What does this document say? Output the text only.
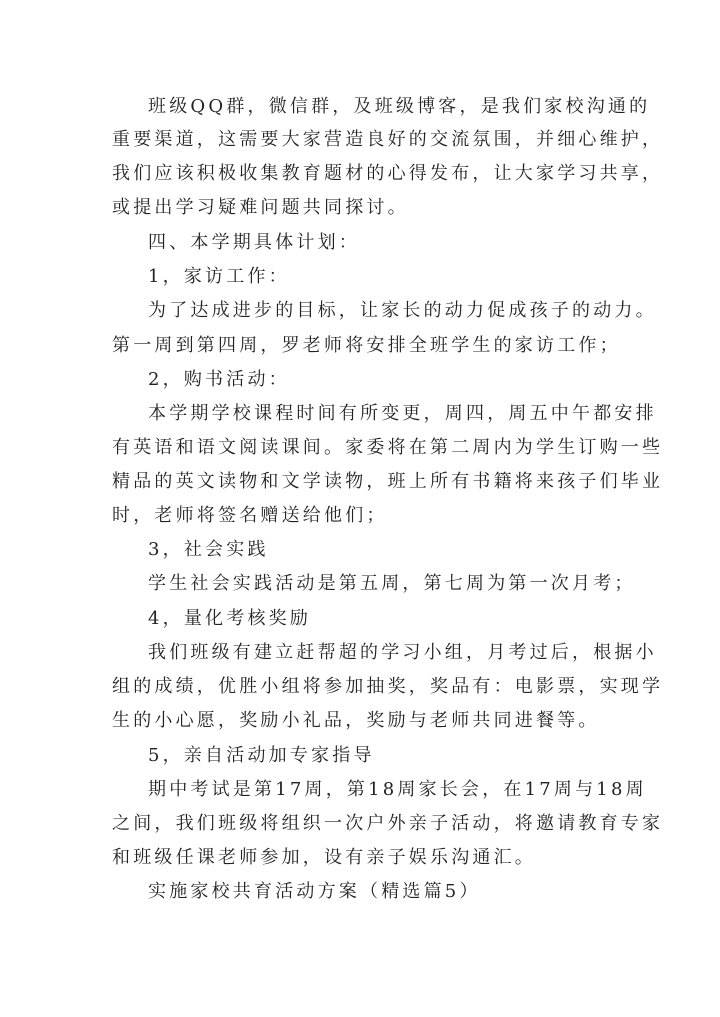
班级QQ群，微信群，及班级博客，是我们家校沟通的
重要渠道，这需要大家营造良好的交流氛围，并细心维护，
我们应该积极收集教育题材的心得发布，让大家学习共享，
或提出学习疑难问题共同探讨。
四、本学期具体计划：
1，家访工作：
为了达成进步的目标，让家长的动力促成孩子的动力。
第一周到第四周，罗老师将安排全班学生的家访工作；
2，购书活动：
本学期学校课程时间有所变更，周四，周五中午都安排
有英语和语文阅读课间。家委将在第二周内为学生订购一些
精品的英文读物和文学读物，班上所有书籍将来孩子们毕业
时，老师将签名赠送给他们；
3，社会实践
学生社会实践活动是第五周，第七周为第一次月考；
4，量化考核奖励
我们班级有建立赶帮超的学习小组，月考过后，根据小
组的成绩，优胜小组将参加抽奖，奖品有：电影票，实现学
生的小心愿，奖励小礼品，奖励与老师共同进餐等。
5，亲自活动加专家指导
期中考试是第17周，第18周家长会，在17周与18周
之间，我们班级将组织一次户外亲子活动，将邀请教育专家
和班级任课老师参加，设有亲子娱乐沟通汇。
实施家校共育活动方案（精选篇5）
